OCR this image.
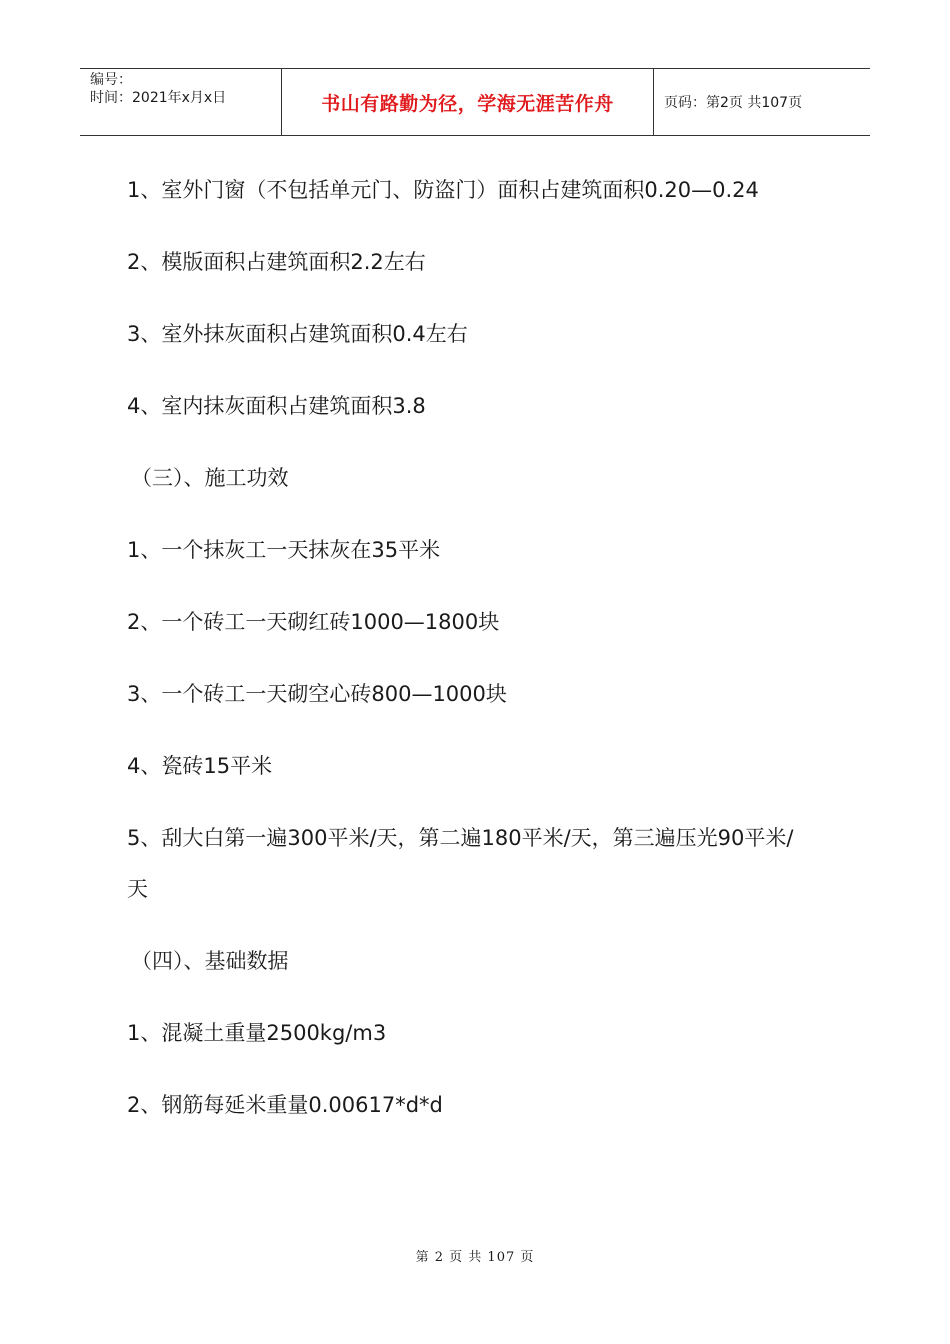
编号：
时间：2021年x月x日	书山有路勤为径，学海无涯苦作舟	页码：第2页 共107页

1、室外门窗（不包括单元门、防盗门）面积占建筑面积0.20—0.24

2、模版面积占建筑面积2.2左右

3、室外抹灰面积占建筑面积0.4左右

4、室内抹灰面积占建筑面积3.8

（三）、施工功效

1、一个抹灰工一天抹灰在35平米

2、一个砖工一天砌红砖1000—1800块

3、一个砖工一天砌空心砖800—1000块

4、瓷砖15平米

5、刮大白第一遍300平米/天，第二遍180平米/天，第三遍压光90平米/天

（四）、基础数据

1、混凝土重量2500kg/m3

2、钢筋每延米重量0.00617*d*d

第 2 页 共 107 页
